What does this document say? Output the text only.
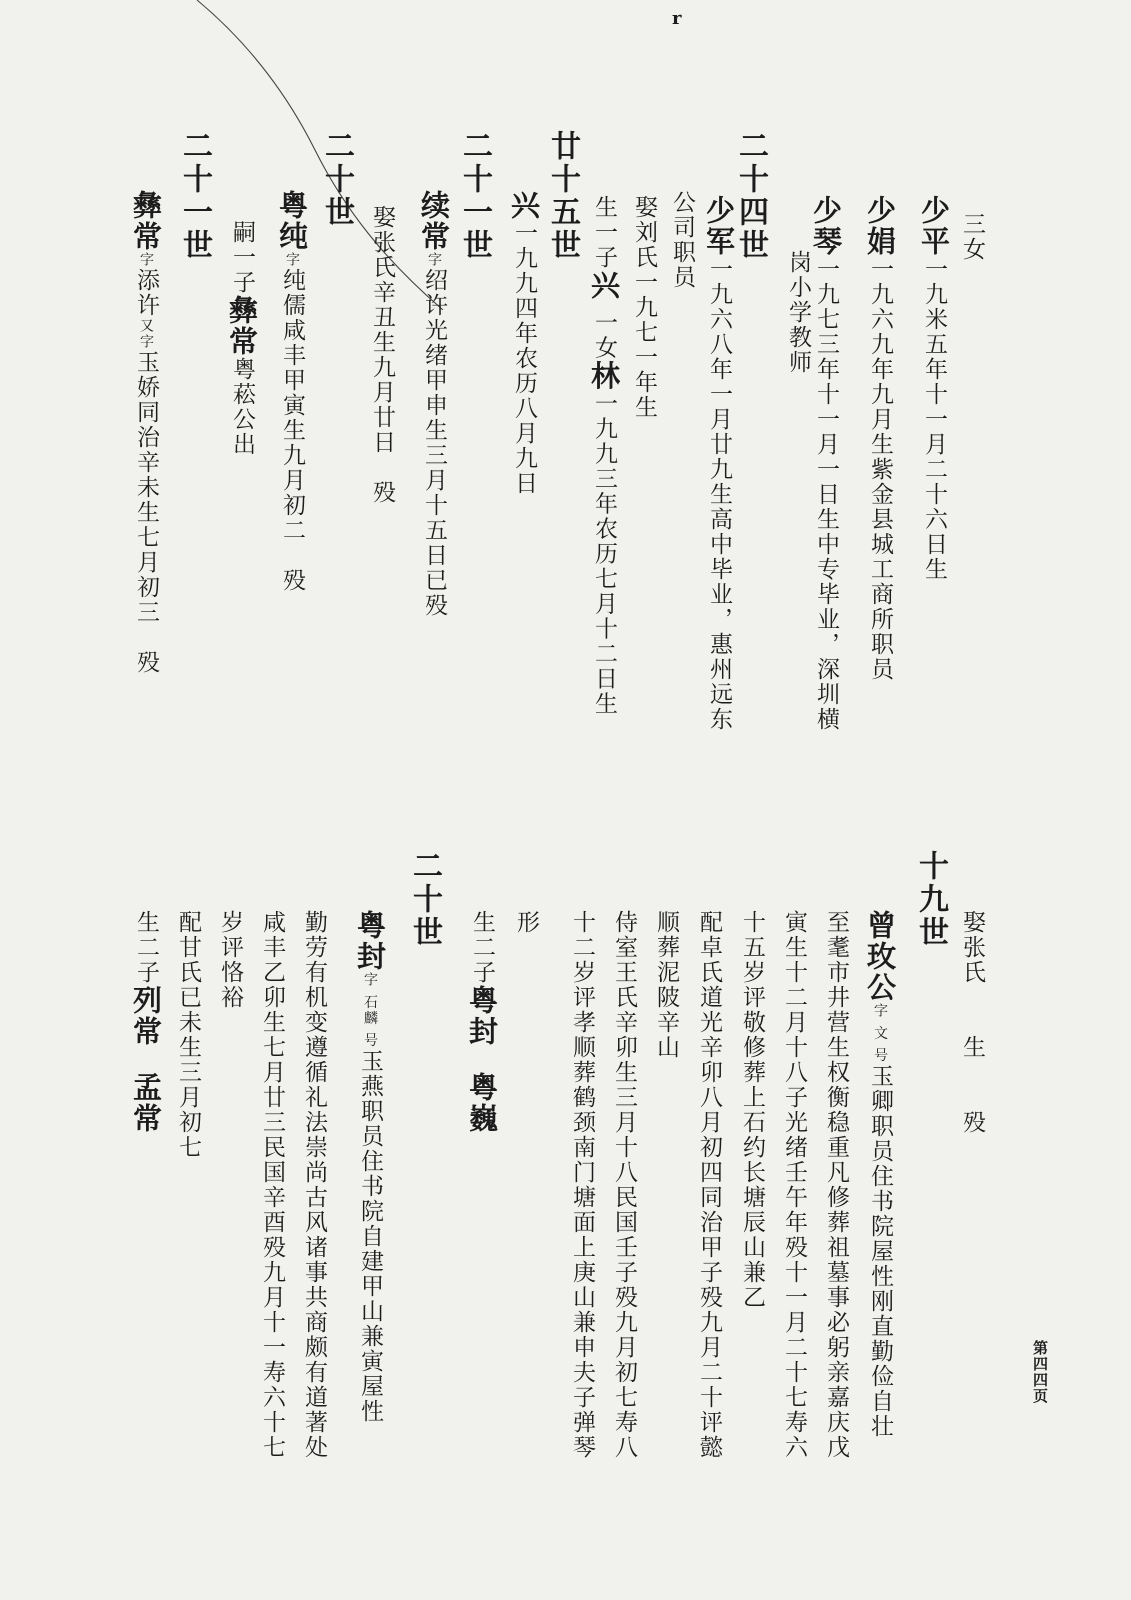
r
第四四页
三女
少平一九米五年十一月二十六日生
少娟一九六九年九月生紫金县城工商所职员
少琴一九七三年十一月一日生中专毕业，深圳横
岗小学教师
二十四世
少军一九六八年一月廿九生高中毕业，惠州远东
公司职员
娶刘氏一九七一年生
生一子兴 一女林一九九三年农历七月十二日生
廿十五世
兴一九九四年农历八月九日
二十一世
续常字绍许光绪甲申生三月十五日已殁
娶张氏辛丑生九月廿日　殁
二十世
粤纯字纯儒咸丰甲寅生九月初二　殁
嗣一子彝常粤菘公出
二十一世
彝常字添许又字玉娇同治辛未生七月初三　殁
娶张氏　　生　　殁
十九世
曾玫公字 文 号玉卿职员住书院屋性刚直勤俭自壮
至耄市井营生权衡稳重凡修葬祖墓事必躬亲嘉庆戊
寅生十二月十八子光绪壬午年殁十一月二十七寿六
十五岁评敬修葬上石约长塘辰山兼乙
配卓氏道光辛卯八月初四同治甲子殁九月二十评懿
顺葬泥陂辛山
侍室王氏辛卯生三月十八民国壬子殁九月初七寿八
十二岁评孝顺葬鹤颈南门塘面上庚山兼申夫子弹琴
形
生二子粤封　粤巍
二十世
粤封字 石麟 号玉燕职员住书院自建甲山兼寅屋性
勤劳有机变遵循礼法崇尚古风诸事共商颇有道著处
咸丰乙卯生七月廿三民国辛酉殁九月十一寿六十七
岁评恪裕
配甘氏已未生三月初七
生二子列常　孟常
